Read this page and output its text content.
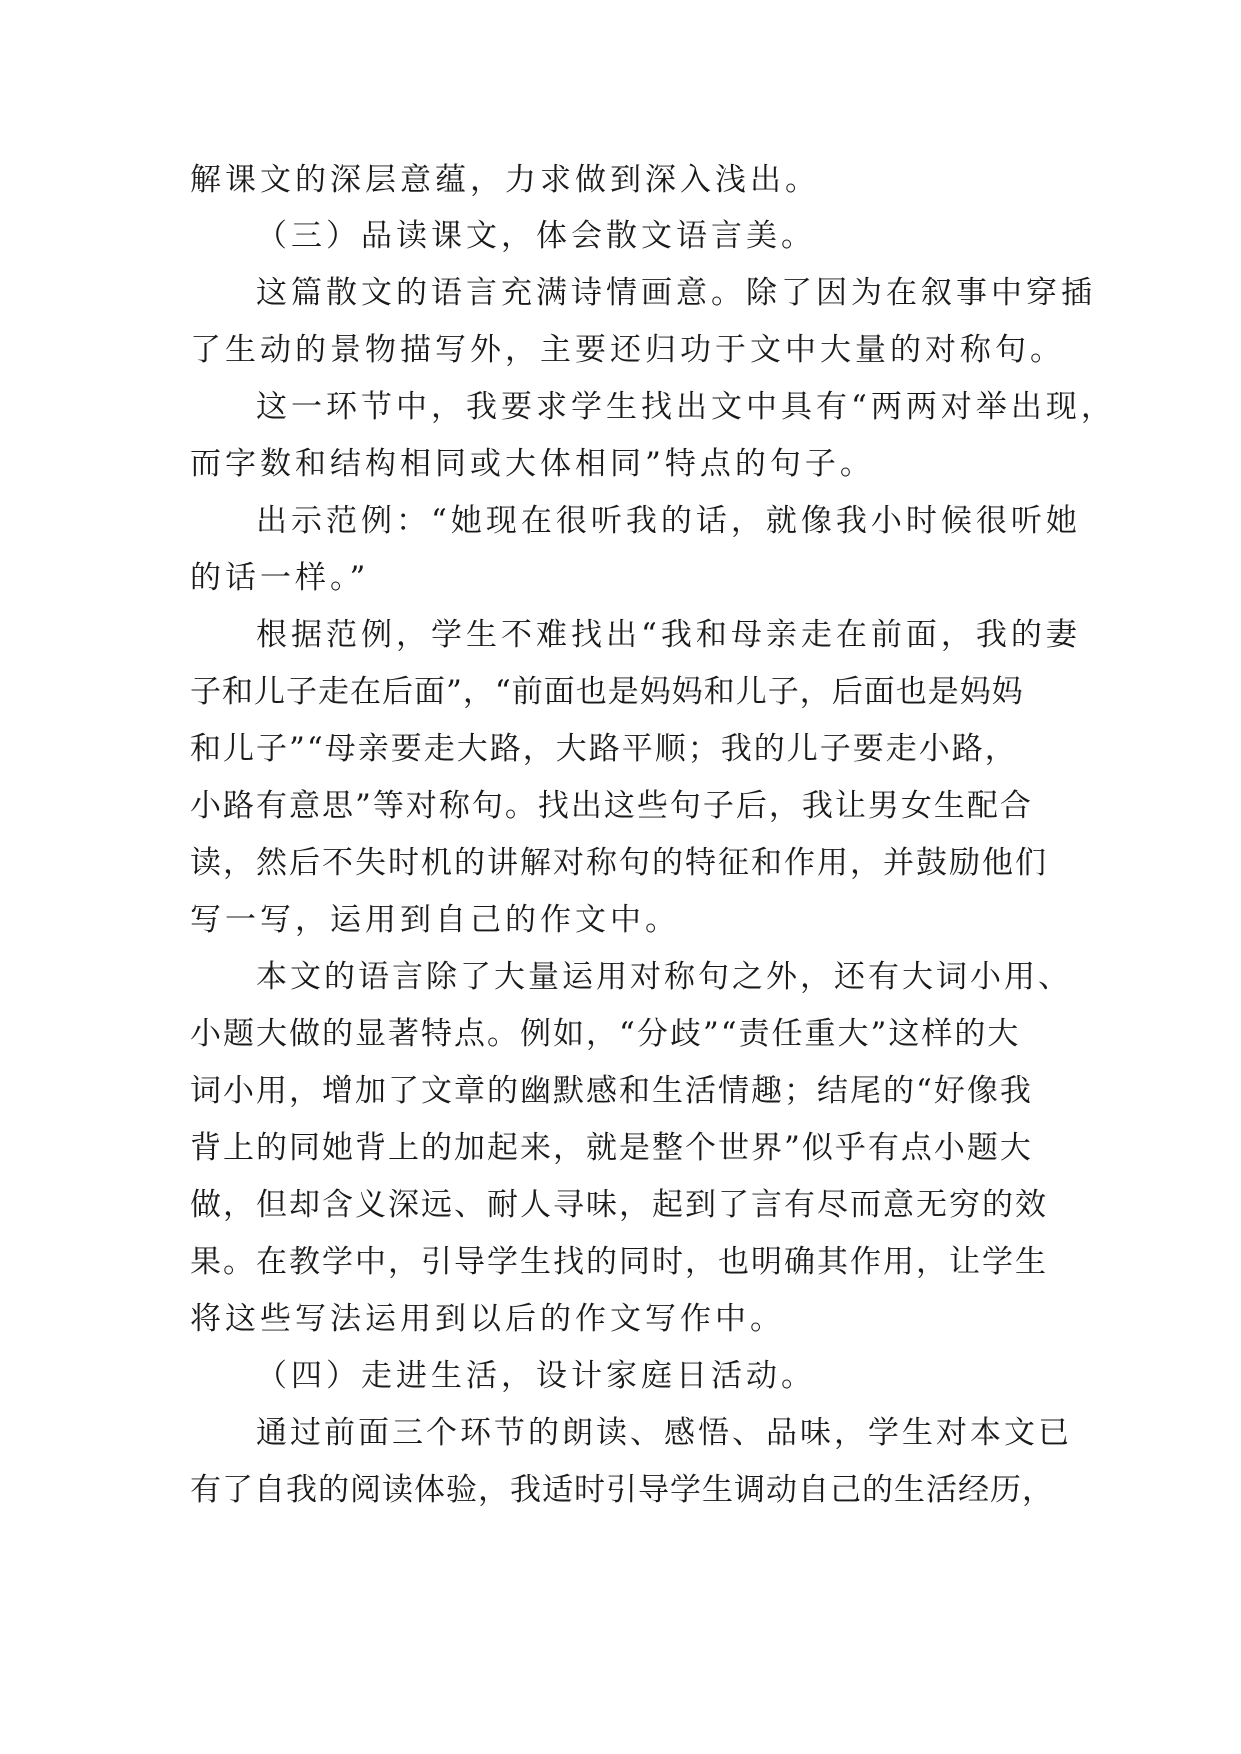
解课文的深层意蕴，力求做到深入浅出。
（三）品读课文，体会散文语言美。
这篇散文的语言充满诗情画意。除了因为在叙事中穿插
了生动的景物描写外，主要还归功于文中大量的对称句。
这一环节中，我要求学生找出文中具有“两两对举出现，
而字数和结构相同或大体相同”特点的句子。
出示范例：“她现在很听我的话，就像我小时候很听她
的话一样。”
根据范例，学生不难找出“我和母亲走在前面，我的妻
子和儿子走在后面”，“前面也是妈妈和儿子，后面也是妈妈
和儿子”“母亲要走大路，大路平顺；我的儿子要走小路，
小路有意思”等对称句。找出这些句子后，我让男女生配合
读，然后不失时机的讲解对称句的特征和作用，并鼓励他们
写一写，运用到自己的作文中。
本文的语言除了大量运用对称句之外，还有大词小用、
小题大做的显著特点。例如，“分歧”“责任重大”这样的大
词小用，增加了文章的幽默感和生活情趣；结尾的“好像我
背上的同她背上的加起来，就是整个世界”似乎有点小题大
做，但却含义深远、耐人寻味，起到了言有尽而意无穷的效
果。在教学中，引导学生找的同时，也明确其作用，让学生
将这些写法运用到以后的作文写作中。
（四）走进生活，设计家庭日活动。
通过前面三个环节的朗读、感悟、品味，学生对本文已
有了自我的阅读体验，我适时引导学生调动自己的生活经历，
